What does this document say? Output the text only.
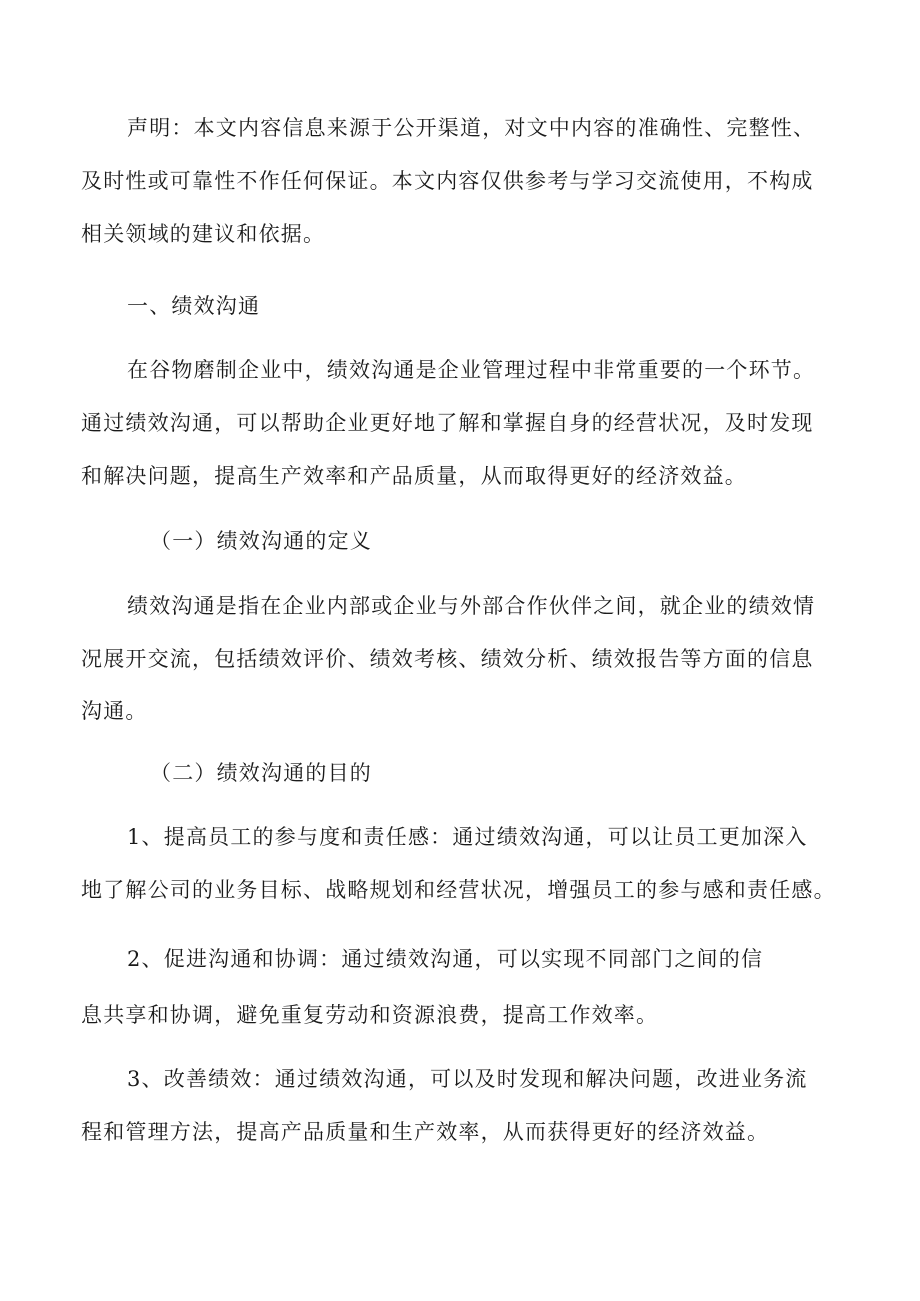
声明：本文内容信息来源于公开渠道，对文中内容的准确性、完整性、

及时性或可靠性不作任何保证。本文内容仅供参考与学习交流使用，不构成

相关领域的建议和依据。

一、绩效沟通

在谷物磨制企业中，绩效沟通是企业管理过程中非常重要的一个环节。

通过绩效沟通，可以帮助企业更好地了解和掌握自身的经营状况，及时发现

和解决问题，提高生产效率和产品质量，从而取得更好的经济效益。

（一）绩效沟通的定义

绩效沟通是指在企业内部或企业与外部合作伙伴之间，就企业的绩效情

况展开交流，包括绩效评价、绩效考核、绩效分析、绩效报告等方面的信息

沟通。

（二）绩效沟通的目的

1、提高员工的参与度和责任感：通过绩效沟通，可以让员工更加深入

地了解公司的业务目标、战略规划和经营状况，增强员工的参与感和责任感。

2、促进沟通和协调：通过绩效沟通，可以实现不同部门之间的信

息共享和协调，避免重复劳动和资源浪费，提高工作效率。

3、改善绩效：通过绩效沟通，可以及时发现和解决问题，改进业务流

程和管理方法，提高产品质量和生产效率，从而获得更好的经济效益。
